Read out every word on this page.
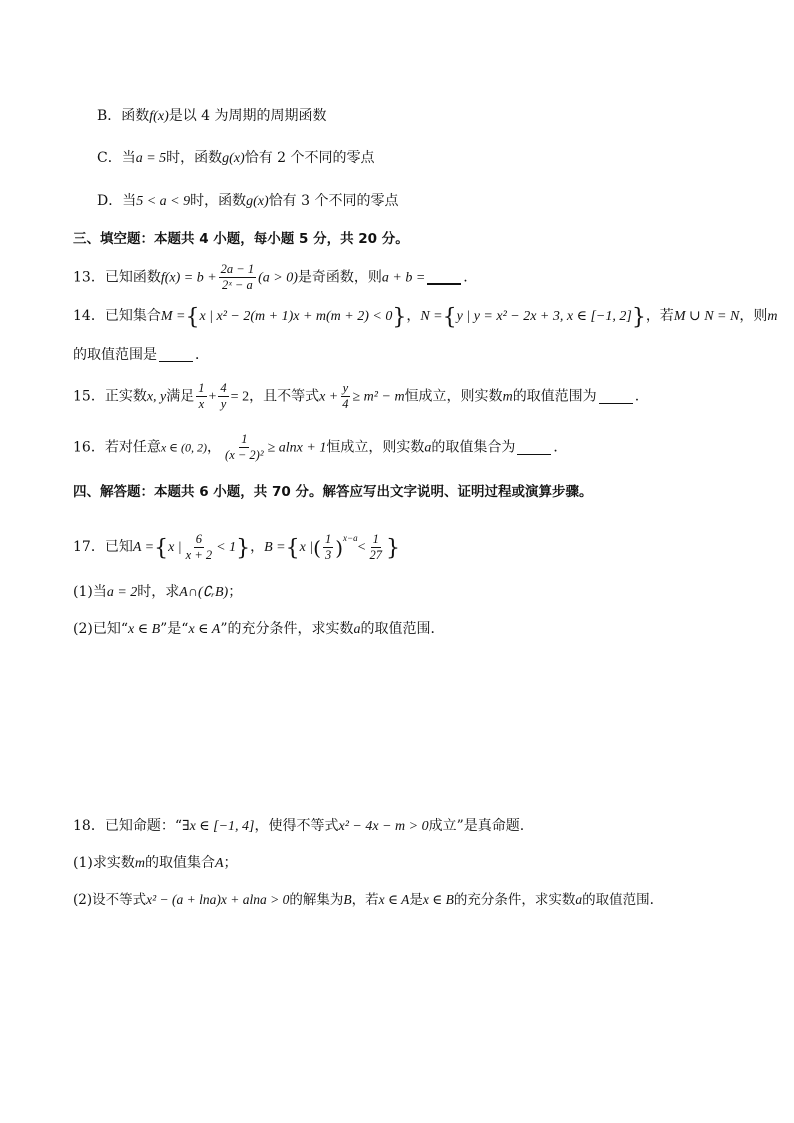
B．函数f(x)是以 4 为周期的周期函数
C．当a = 5时，函数g(x)恰有 2 个不同的零点
D．当5 < a < 9时，函数g(x)恰有 3 个不同的零点
三、填空题：本题共 4 小题，每小题 5 分，共 20 分。
13．已知函数$f(x) = b + \frac{2a - 1}{\text{2ˣ − a}} (a > 0)$是奇函数，则a + b =	.
14．已知集合M ={x | x² − 2(m + 1)x + m(m + 2) < 0}，N ={y | y = x² − 2x + 3, x ∈ [−1, 2]}，若M ∪ N = N，则m
的取值范围是	．
15．正实数x, y满足 $\frac{1}{x} + \frac{4}{y} = 2$，且不等式$x + \frac{y}{4} \ge m^2 - m$恒成立，则实数m的取值范围为	.
16．若对任意x ∈ (0, 2)， $\frac{1}{\text{(x − 2)²}} \ge alnx + 1$恒成立，则实数a的取值集合为	．
四、解答题：本题共 6 小题，共 70 分。解答应写出文字说明、证明过程或演算步骤。
17．已知A ={x | $\frac{6}{x + 2} < 1$}，B ={x |( $\frac{1}{3} )^{x-a}< \frac{1}{27}$ }
(1)当a = 2时，求A∩(∁ᵣB)；
(2)已知“x ∈ B”是“x ∈ A”的充分条件，求实数a的取值范围．
18．已知命题：“∃x ∈ [−1, 4]，使得不等式x² − 4x − m > 0成立”是真命题.
(1)求实数m的取值集合A；
(2)设不等式x² − (a + lna)x + alna > 0的解集为B，若x ∈ A是x ∈ B的充分条件，求实数a的取值范围.
